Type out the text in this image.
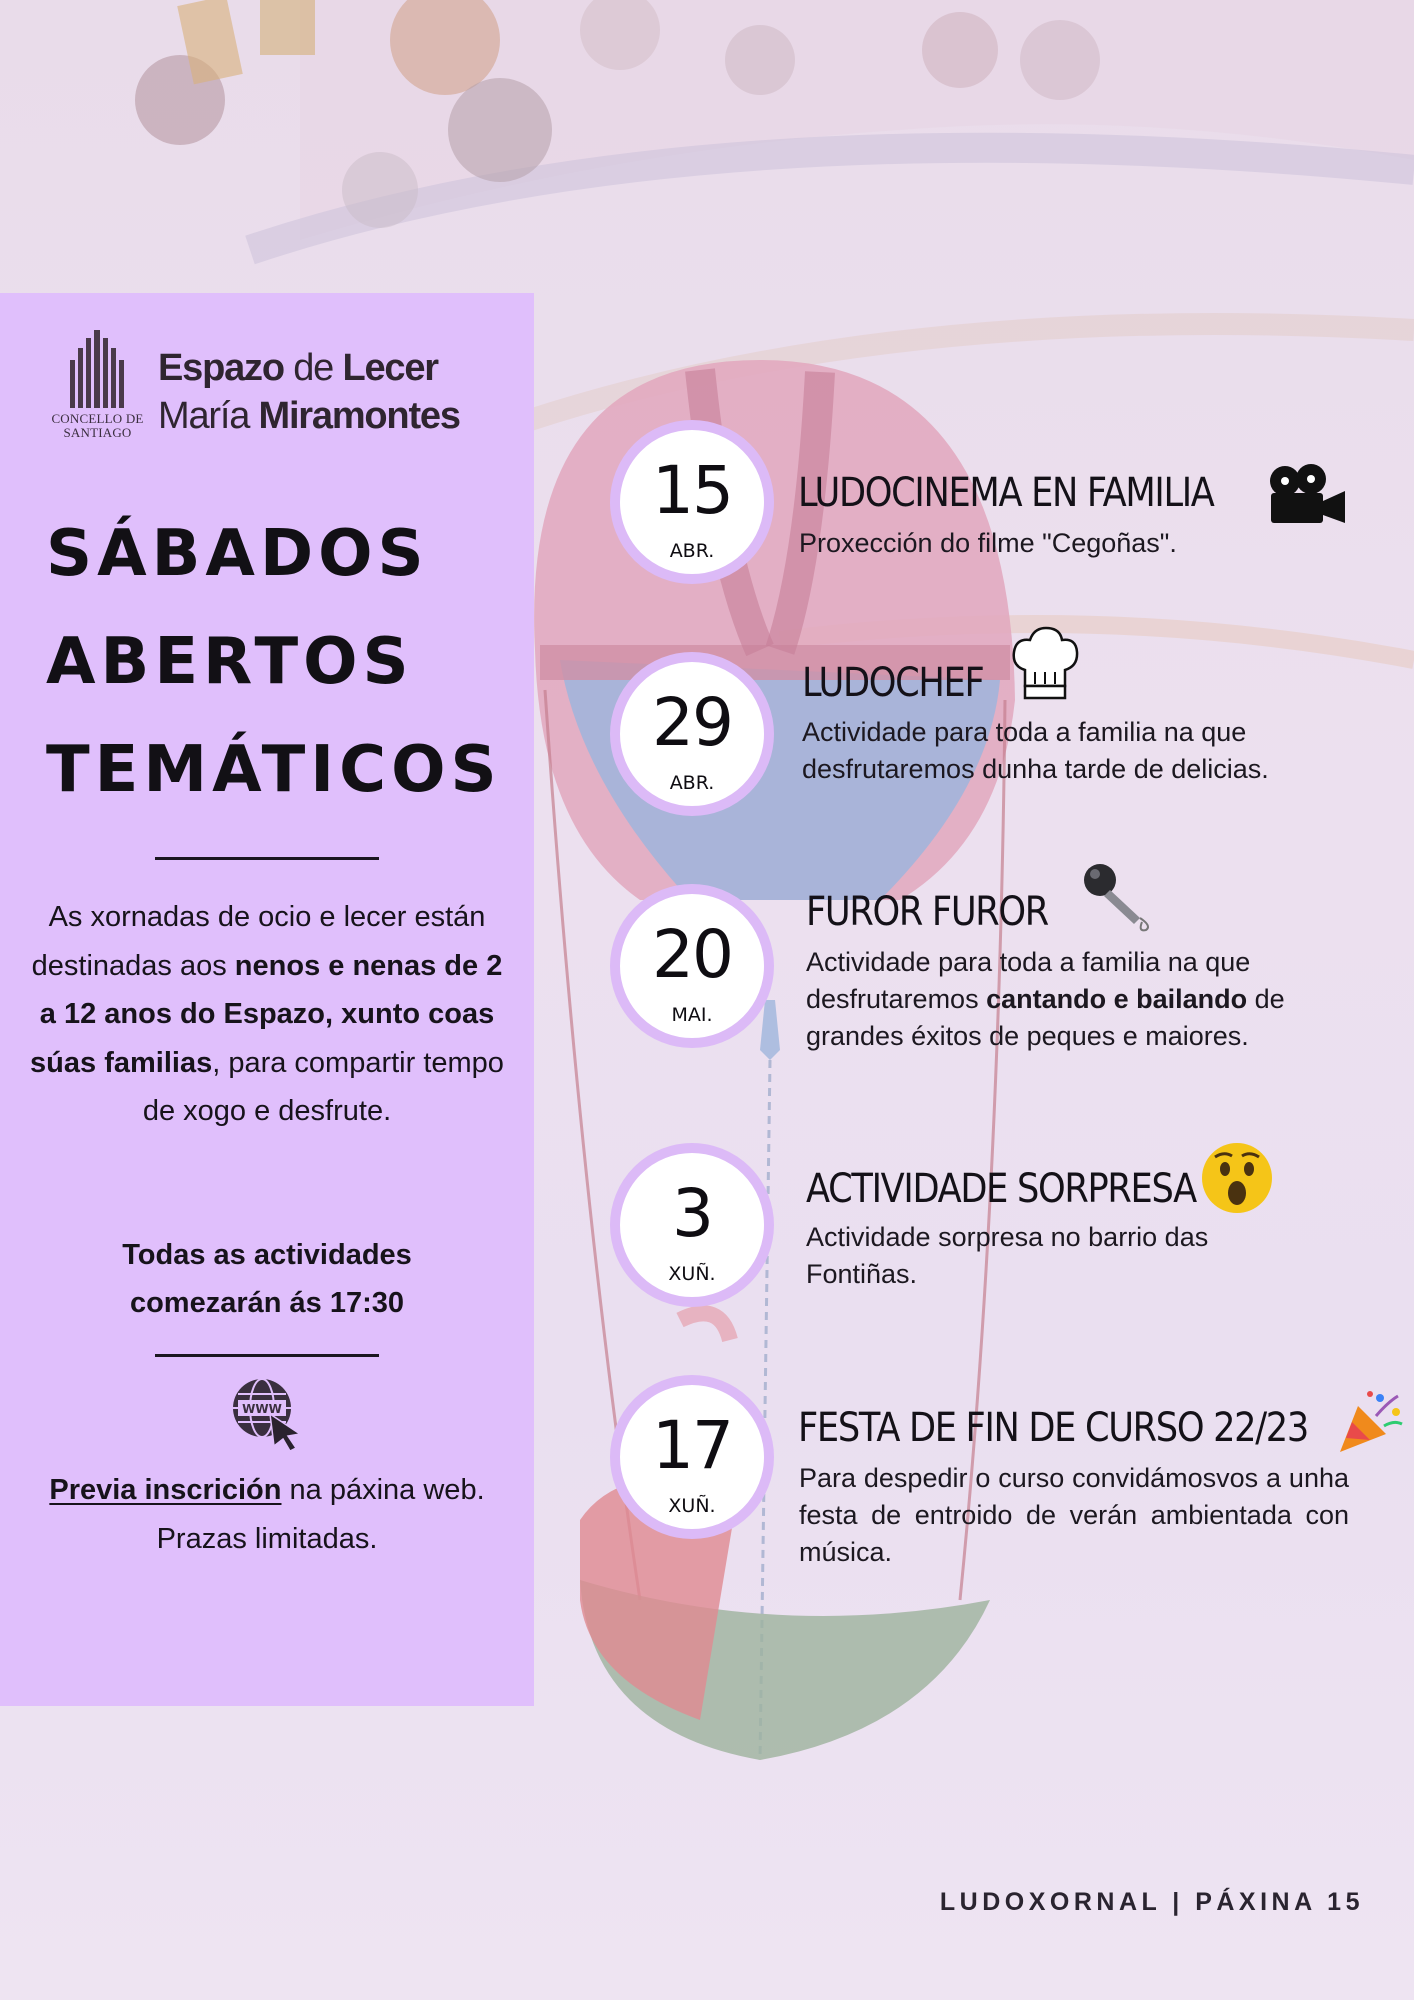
CONCELLO DE
SANTIAGO
Espazo de Lecer
María Miramontes
SÁBADOS
ABERTOS
TEMÁTICOS
As xornadas de ocio e lecer están destinadas aos nenos e nenas de 2 a 12 anos do Espazo, xunto coas súas familias, para compartir tempo de xogo e desfrute.
Todas as actividades
comezarán ás 17:30
WWW
Previa inscrición na páxina web. Prazas limitadas.
15
ABR.
LUDOCINEMA EN FAMILIA
Proxección do filme "Cegoñas".
29
ABR.
LUDOCHEF
Actividade para toda a familia na que desfrutaremos dunha tarde de delicias.
20
MAI.
FUROR FUROR
Actividade para toda a familia na que desfrutaremos cantando e bailando de grandes éxitos de peques e maiores.
3
XUÑ.
ACTIVIDADE SORPRESA
Actividade sorpresa no barrio das Fontiñas.
17
XUÑ.
FESTA DE FIN DE CURSO 22/23
Para despedir o curso convidámosvos a unha festa de entroido de verán ambientada con música.
LUDOXORNAL | PÁXINA 15
